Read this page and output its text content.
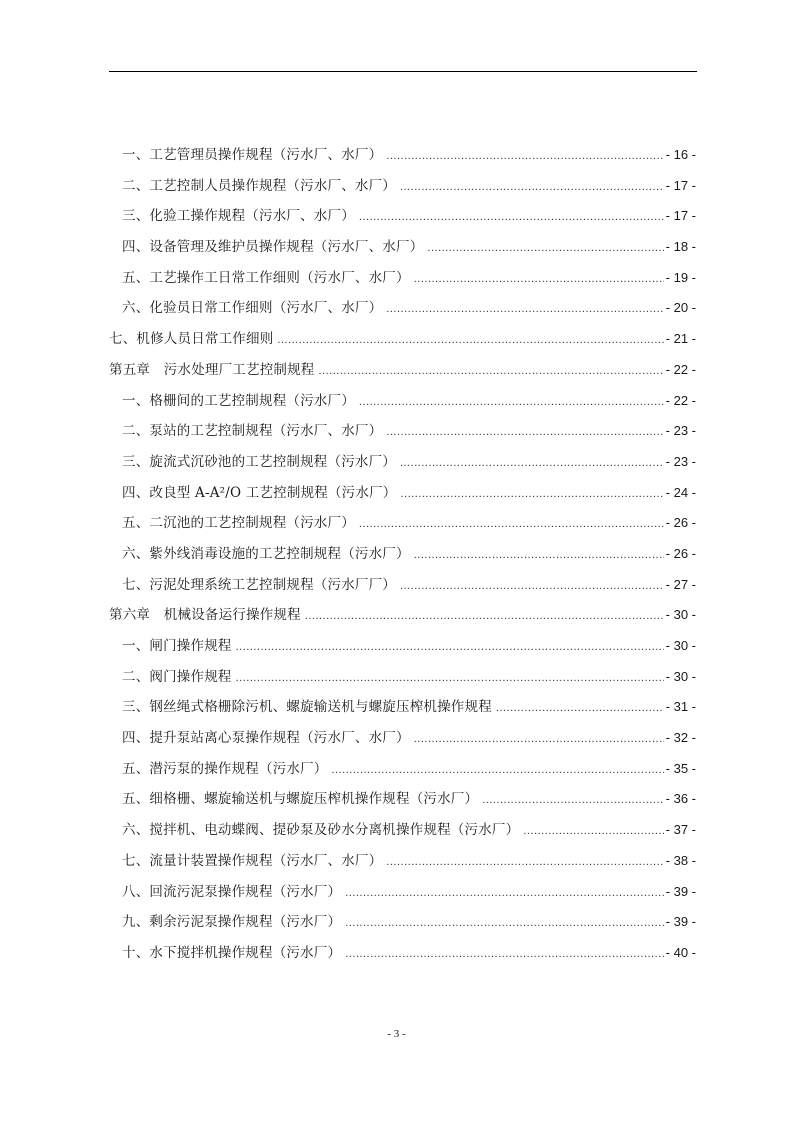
一、工艺管理员操作规程（污水厂、水厂） .....	- 16 -
二、工艺控制人员操作规程（污水厂、水厂） .....	- 17 -
三、化验工操作规程（污水厂、水厂） .....	- 17 -
四、设备管理及维护员操作规程（污水厂、水厂） .....	- 18 -
五、工艺操作工日常工作细则（污水厂、水厂） .....	- 19 -
六、化验员日常工作细则（污水厂、水厂） .....	- 20 -
七、机修人员日常工作细则 .....	- 21 -
第五章　污水处理厂工艺控制规程 .....	- 22 -
一、格栅间的工艺控制规程（污水厂） .....	- 22 -
二、泵站的工艺控制规程（污水厂、水厂） .....	- 23 -
三、旋流式沉砂池的工艺控制规程（污水厂） .....	- 23 -
四、改良型 A-A²/O 工艺控制规程（污水厂） .....	- 24 -
五、二沉池的工艺控制规程（污水厂） .....	- 26 -
六、紫外线消毒设施的工艺控制规程（污水厂） .....	- 26 -
七、污泥处理系统工艺控制规程（污水厂厂） .....	- 27 -
第六章　机械设备运行操作规程 .....	- 30 -
一、闸门操作规程 .....	- 30 -
二、阀门操作规程 .....	- 30 -
三、钢丝绳式格栅除污机、螺旋输送机与螺旋压榨机操作规程 .....	- 31 -
四、提升泵站离心泵操作规程（污水厂、水厂） .....	- 32 -
五、潜污泵的操作规程（污水厂） .....	- 35 -
五、细格栅、螺旋输送机与螺旋压榨机操作规程（污水厂） .....	- 36 -
六、搅拌机、电动蝶阀、提砂泵及砂水分离机操作规程（污水厂） .....	- 37 -
七、流量计装置操作规程（污水厂、水厂） .....	- 38 -
八、回流污泥泵操作规程（污水厂） .....	- 39 -
九、剩余污泥泵操作规程（污水厂） .....	- 39 -
十、水下搅拌机操作规程（污水厂） .....	- 40 -
- 3 -
